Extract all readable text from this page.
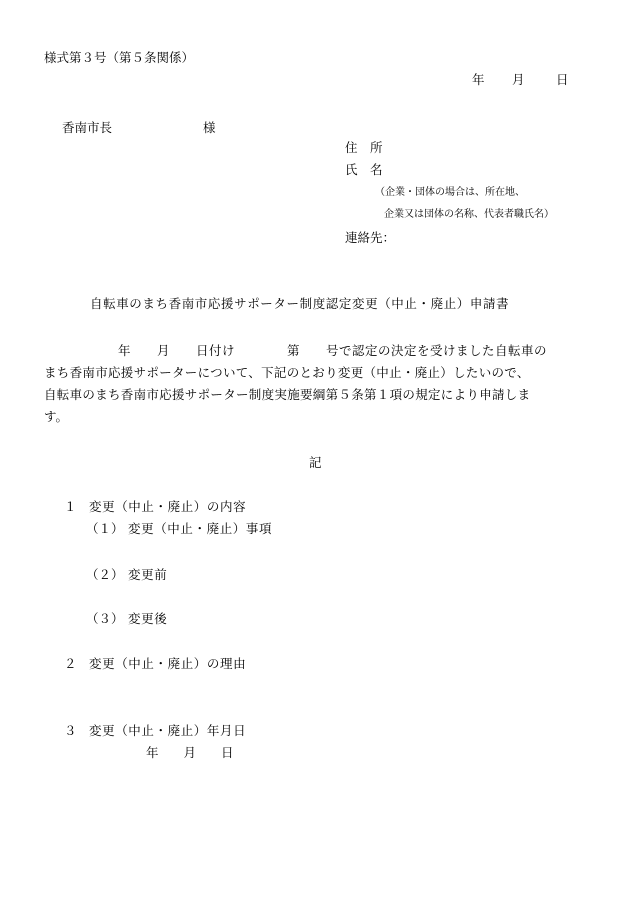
様式第３号（第５条関係）
年 月	日
香南市長	様
住　所
氏　名
（企業・団体の場合は、所在地、
企業又は団体の名称、代表者職氏名）
連絡先：
自転車のまち香南市応援サポーター制度認定変更（中止・廃止）申請書
年　　月　　日付け　　　　第　　号で認定の決定を受けました自転車の
まち香南市応援サポーターについて、下記のとおり変更（中止・廃止）したいので、
自転車のまち香南市応援サポーター制度実施要綱第５条第１項の規定により申請しま
す。
記
１ 変更（中止・廃止）の内容
（１） 変更（中止・廃止）事項
（２） 変更前
（３） 変更後
２ 変更（中止・廃止）の理由
３ 変更（中止・廃止）年月日
年　　月　　日
